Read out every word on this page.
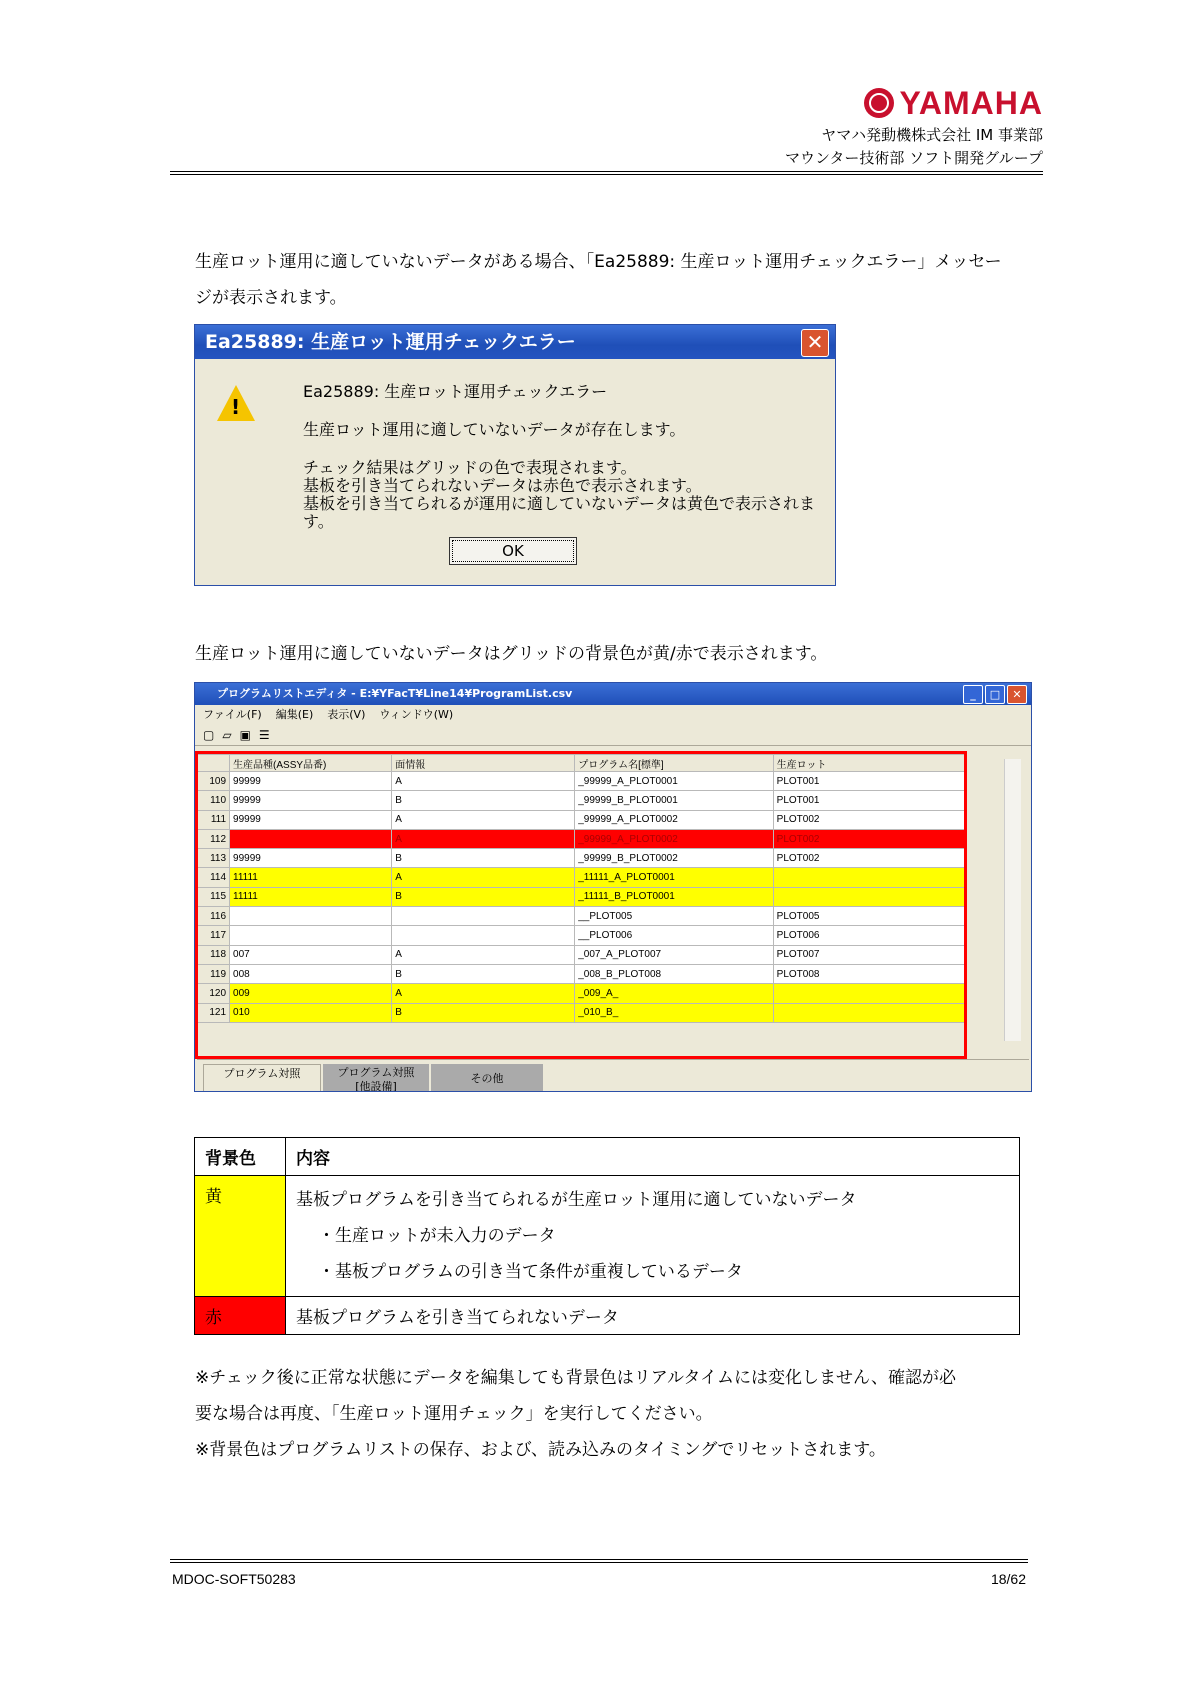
YAMAHA
ヤマハ発動機株式会社 IM 事業部
マウンター技術部 ソフト開発グループ
生産ロット運用に適していないデータがある場合、「Ea25889: 生産ロット運用チェックエラー」メッセー
ジが表示されます。
Ea25889: 生産ロット運用チェックエラー	✕
!
Ea25889: 生産ロット運用チェックエラー
生産ロット運用に適していないデータが存在します。
チェック結果はグリッドの色で表現されます。
基板を引き当てられないデータは赤色で表示されます。
基板を引き当てられるが運用に適していないデータは黄色で表示されます。
OK
生産ロット運用に適していないデータはグリッドの背景色が黄/赤で表示されます。
プログラムリストエディタ - E:¥YFacT¥Line14¥ProgramList.csv	_	□	✕
ファイル(F) 編集(E) 表示(V) ウィンドウ(W)
▢ ▱ ▣ ☰
	生産品種(ASSY品番)	面情報	プログラム名[標準]	生産ロット
109	99999	A	_99999_A_PLOT0001	PLOT001
110	99999	B	_99999_B_PLOT0001	PLOT001
111	99999	A	_99999_A_PLOT0002	PLOT002
112		A	_99999_A_PLOT0002	PLOT002
113	99999	B	_99999_B_PLOT0002	PLOT002
114	11111	A	_11111_A_PLOT0001	
115	11111	B	_11111_B_PLOT0001	
116			__PLOT005	PLOT005
117			__PLOT006	PLOT006
118	007	A	_007_A_PLOT007	PLOT007
119	008	B	_008_B_PLOT008	PLOT008
120	009	A	_009_A_	
121	010	B	_010_B_	
プログラム対照	プログラム対照
[他設備]
その他
背景色	内容
黄	基板プログラムを引き当てられるが生産ロット運用に適していないデータ
・生産ロットが未入力のデータ
・基板プログラムの引き当て条件が重複しているデータ

赤	基板プログラムを引き当てられないデータ
※チェック後に正常な状態にデータを編集しても背景色はリアルタイムには変化しません、確認が必
要な場合は再度、「生産ロット運用チェック」を実行してください。
※背景色はプログラムリストの保存、および、読み込みのタイミングでリセットされます。
MDOC-SOFT50283	18/62
